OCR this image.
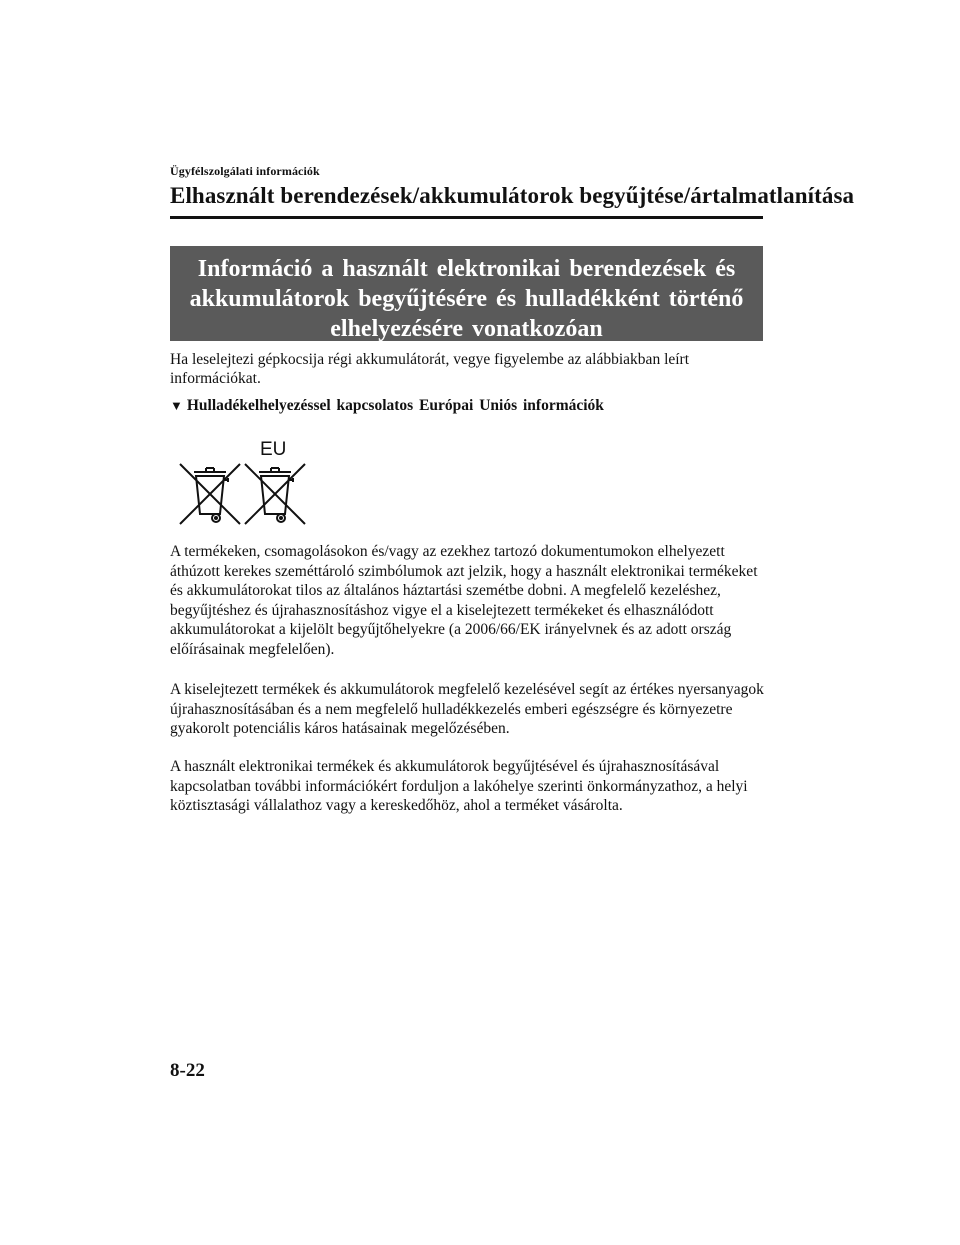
Ügyfélszolgálati információk
Elhasznált berendezések/akkumulátorok begyűjtése/ártalmatlanítása
Információ a használt elektronikai berendezések és
akkumulátorok begyűjtésére és hulladékként történő
elhelyezésére vonatkozóan
Ha leselejtezi gépkocsija régi akkumulátorát, vegye figyelembe az alábbiakban leírt információkat.
▼ Hulladékelhelyezéssel kapcsolatos Európai Uniós információk
EU
A termékeken, csomagolásokon és/vagy az ezekhez tartozó dokumentumokon elhelyezett áthúzott kerekes szeméttároló szimbólumok azt jelzik, hogy a használt elektronikai termékeket és akkumulátorokat tilos az általános háztartási szemétbe dobni. A megfelelő kezeléshez, begyűjtéshez és újrahasznosításhoz vigye el a kiselejtezett termékeket és elhasználódott akkumulátorokat a kijelölt begyűjtőhelyekre (a 2006/66/EK irányelvnek és az adott ország előírásainak megfelelően).
A kiselejtezett termékek és akkumulátorok megfelelő kezelésével segít az értékes nyersanyagok újrahasznosításában és a nem megfelelő hulladékkezelés emberi egészségre és környezetre gyakorolt potenciális káros hatásainak megelőzésében.
A használt elektronikai termékek és akkumulátorok begyűjtésével és újrahasznosításával kapcsolatban további információkért forduljon a lakóhelye szerinti önkormányzathoz, a helyi köztisztasági vállalathoz vagy a kereskedőhöz, ahol a terméket vásárolta.
8-22
